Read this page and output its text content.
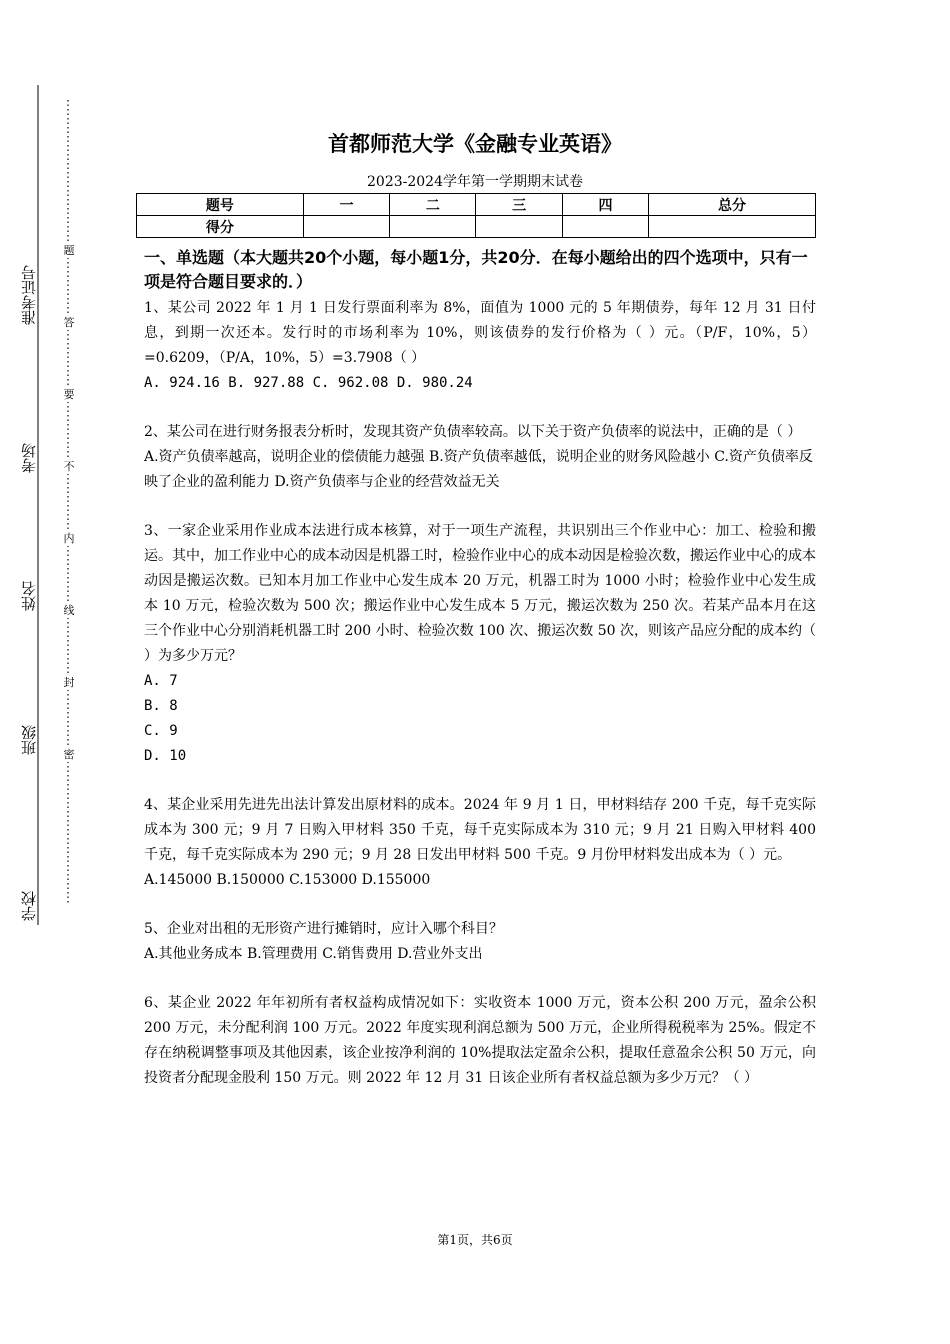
准考证号
考场
姓名
班级
学校
题
答
要
不
内
线
封
密
首都师范大学《金融专业英语》
2023-2024学年第一学期期末试卷
题号	一	二	三	四	总分
得分					
一、单选题（本大题共20个小题，每小题1分，共20分．在每小题给出的四个选项中，只有一项是符合题目要求的．）

1、某公司 2022 年 1 月 1 日发行票面利率为 8%，面值为 1000 元的 5 年期债券，每年 12 月 31 日付息，到期一次还本。发行时的市场利率为 10%，则该债券的发行价格为（ ）元。（P/F，10%，5）=0.6209，（P/A，10%，5）=3.7908（ ）

A. 924.16 B. 927.88 C. 962.08 D. 980.24

2、某公司在进行财务报表分析时，发现其资产负债率较高。以下关于资产负债率的说法中，正确的是（ ）

A.资产负债率越高，说明企业的偿债能力越强 B.资产负债率越低，说明企业的财务风险越小 C.资产负债率反映了企业的盈利能力 D.资产负债率与企业的经营效益无关

3、一家企业采用作业成本法进行成本核算，对于一项生产流程，共识别出三个作业中心：加工、检验和搬运。其中，加工作业中心的成本动因是机器工时，检验作业中心的成本动因是检验次数，搬运作业中心的成本动因是搬运次数。已知本月加工作业中心发生成本 20 万元，机器工时为 1000 小时；检验作业中心发生成本 10 万元，检验次数为 500 次；搬运作业中心发生成本 5 万元，搬运次数为 250 次。若某产品本月在这三个作业中心分别消耗机器工时 200 小时、检验次数 100 次、搬运次数 50 次，则该产品应分配的成本约（ ）为多少万元？

A. 7

B. 8

C. 9

D. 10

4、某企业采用先进先出法计算发出原材料的成本。2024 年 9 月 1 日，甲材料结存 200 千克，每千克实际成本为 300 元；9 月 7 日购入甲材料 350 千克，每千克实际成本为 310 元；9 月 21 日购入甲材料 400 千克，每千克实际成本为 290 元；9 月 28 日发出甲材料 500 千克。9 月份甲材料发出成本为（ ）元。

A.145000 B.150000 C.153000 D.155000

5、企业对出租的无形资产进行摊销时，应计入哪个科目？

A.其他业务成本 B.管理费用 C.销售费用 D.营业外支出

6、某企业 2022 年年初所有者权益构成情况如下：实收资本 1000 万元，资本公积 200 万元，盈余公积 200 万元，未分配利润 100 万元。2022 年度实现利润总额为 500 万元，企业所得税税率为 25%。假定不存在纳税调整事项及其他因素，该企业按净利润的 10%提取法定盈余公积，提取任意盈余公积 50 万元，向投资者分配现金股利 150 万元。则 2022 年 12 月 31 日该企业所有者权益总额为多少万元？（ ）

第1页，共6页
